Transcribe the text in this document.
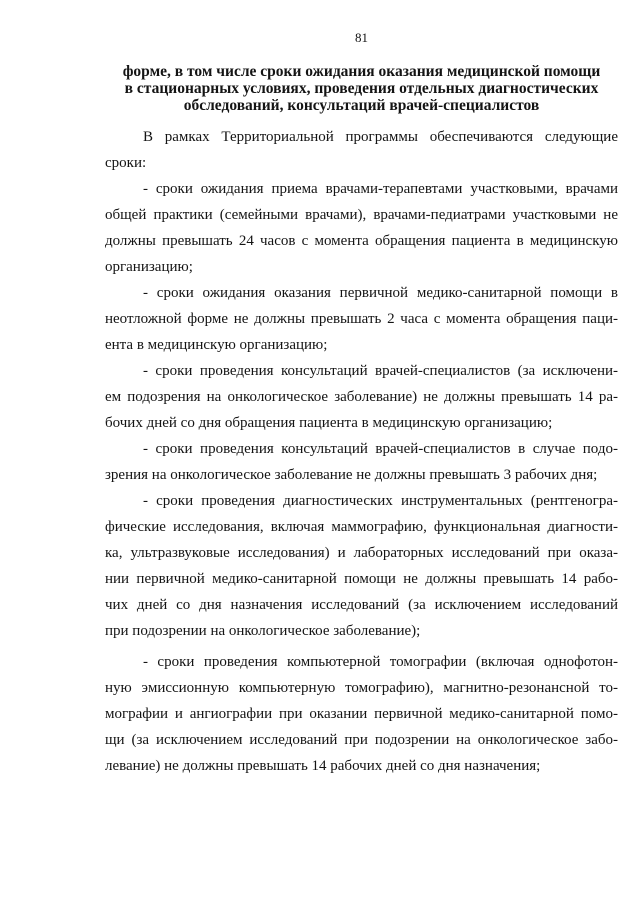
81
форме, в том числе сроки ожидания оказания медицинской помощи
в стационарных условиях, проведения отдельных диагностических
обследований, консультаций врачей-специалистов
В рамках Территориальной программы обеспечиваются следующие
сроки:
- сроки ожидания приема врачами-терапевтами участковыми, врачами
общей практики (семейными врачами), врачами-педиатрами участковыми не
должны превышать 24 часов с момента обращения пациента в медицинскую
организацию;
- сроки ожидания оказания первичной медико-санитарной помощи в
неотложной форме не должны превышать 2 часа с момента обращения паци-
ента в медицинскую организацию;
- сроки проведения консультаций врачей-специалистов (за исключени-
ем подозрения на онкологическое заболевание) не должны превышать 14 ра-
бочих дней со дня обращения пациента в медицинскую организацию;
- сроки проведения консультаций врачей-специалистов в случае подо-
зрения на онкологическое заболевание не должны превышать 3 рабочих дня;
- сроки проведения диагностических инструментальных (рентгеногра-
фические исследования, включая маммографию, функциональная диагности-
ка, ультразвуковые исследования) и лабораторных исследований при оказа-
нии первичной медико-санитарной помощи не должны превышать 14 рабо-
чих дней со дня назначения исследований (за исключением исследований
при подозрении на онкологическое заболевание);
- сроки проведения компьютерной томографии (включая однофотон-
ную эмиссионную компьютерную томографию), магнитно-резонансной то-
мографии и ангиографии при оказании первичной медико-санитарной помо-
щи (за исключением исследований при подозрении на онкологическое забо-
левание) не должны превышать 14 рабочих дней со дня назначения;
